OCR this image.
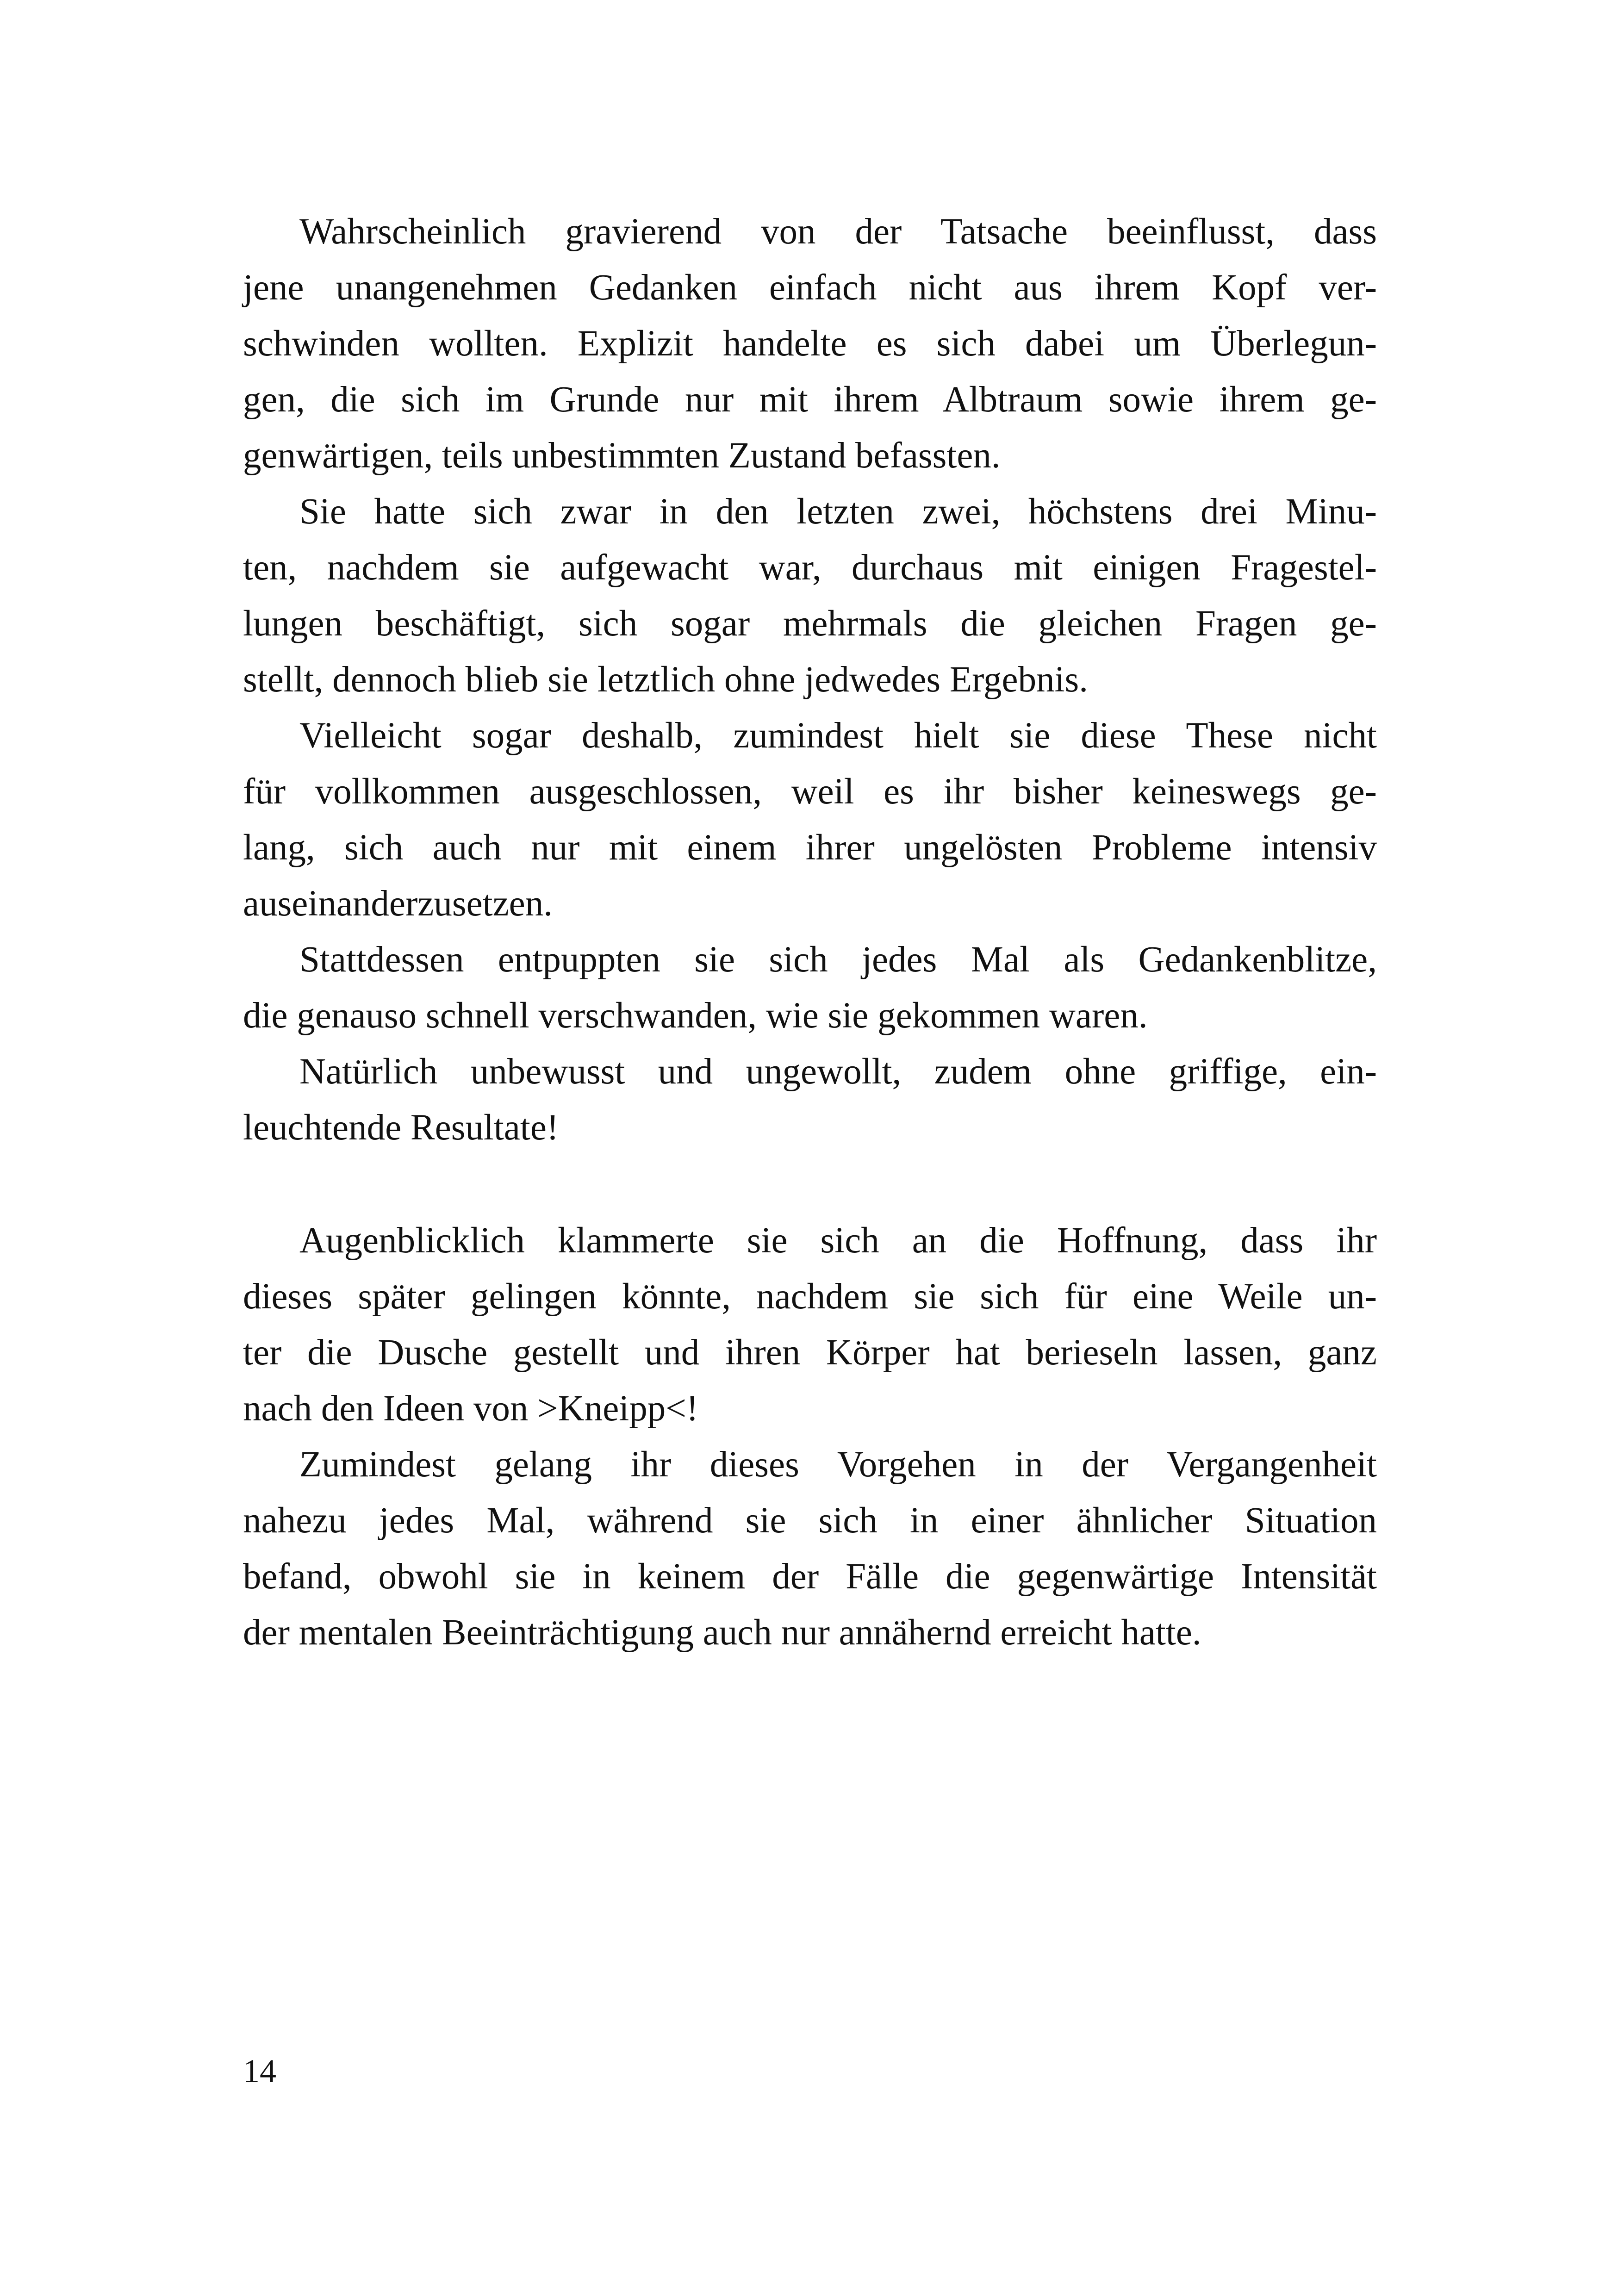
Wahrscheinlich gravierend von der Tatsache beeinflusst, dass
jene unangenehmen Gedanken einfach nicht aus ihrem Kopf ver-
schwinden wollten. Explizit handelte es sich dabei um Überlegun-
gen, die sich im Grunde nur mit ihrem Albtraum sowie ihrem ge-
genwärtigen, teils unbestimmten Zustand befassten.
Sie hatte sich zwar in den letzten zwei, höchstens drei Minu-
ten, nachdem sie aufgewacht war, durchaus mit einigen Fragestel-
lungen beschäftigt, sich sogar mehrmals die gleichen Fragen ge-
stellt, dennoch blieb sie letztlich ohne jedwedes Ergebnis.
Vielleicht sogar deshalb, zumindest hielt sie diese These nicht
für vollkommen ausgeschlossen, weil es ihr bisher keineswegs ge-
lang, sich auch nur mit einem ihrer ungelösten Probleme intensiv
auseinanderzusetzen.
Stattdessen entpuppten sie sich jedes Mal als Gedankenblitze,
die genauso schnell verschwanden, wie sie gekommen waren.
Natürlich unbewusst und ungewollt, zudem ohne griffige, ein-
leuchtende Resultate!
Augenblicklich klammerte sie sich an die Hoffnung, dass ihr
dieses später gelingen könnte, nachdem sie sich für eine Weile un-
ter die Dusche gestellt und ihren Körper hat berieseln lassen, ganz
nach den Ideen von >Kneipp<!
Zumindest gelang ihr dieses Vorgehen in der Vergangenheit
nahezu jedes Mal, während sie sich in einer ähnlicher Situation
befand, obwohl sie in keinem der Fälle die gegenwärtige Intensität
der mentalen Beeinträchtigung auch nur annähernd erreicht hatte.
14
